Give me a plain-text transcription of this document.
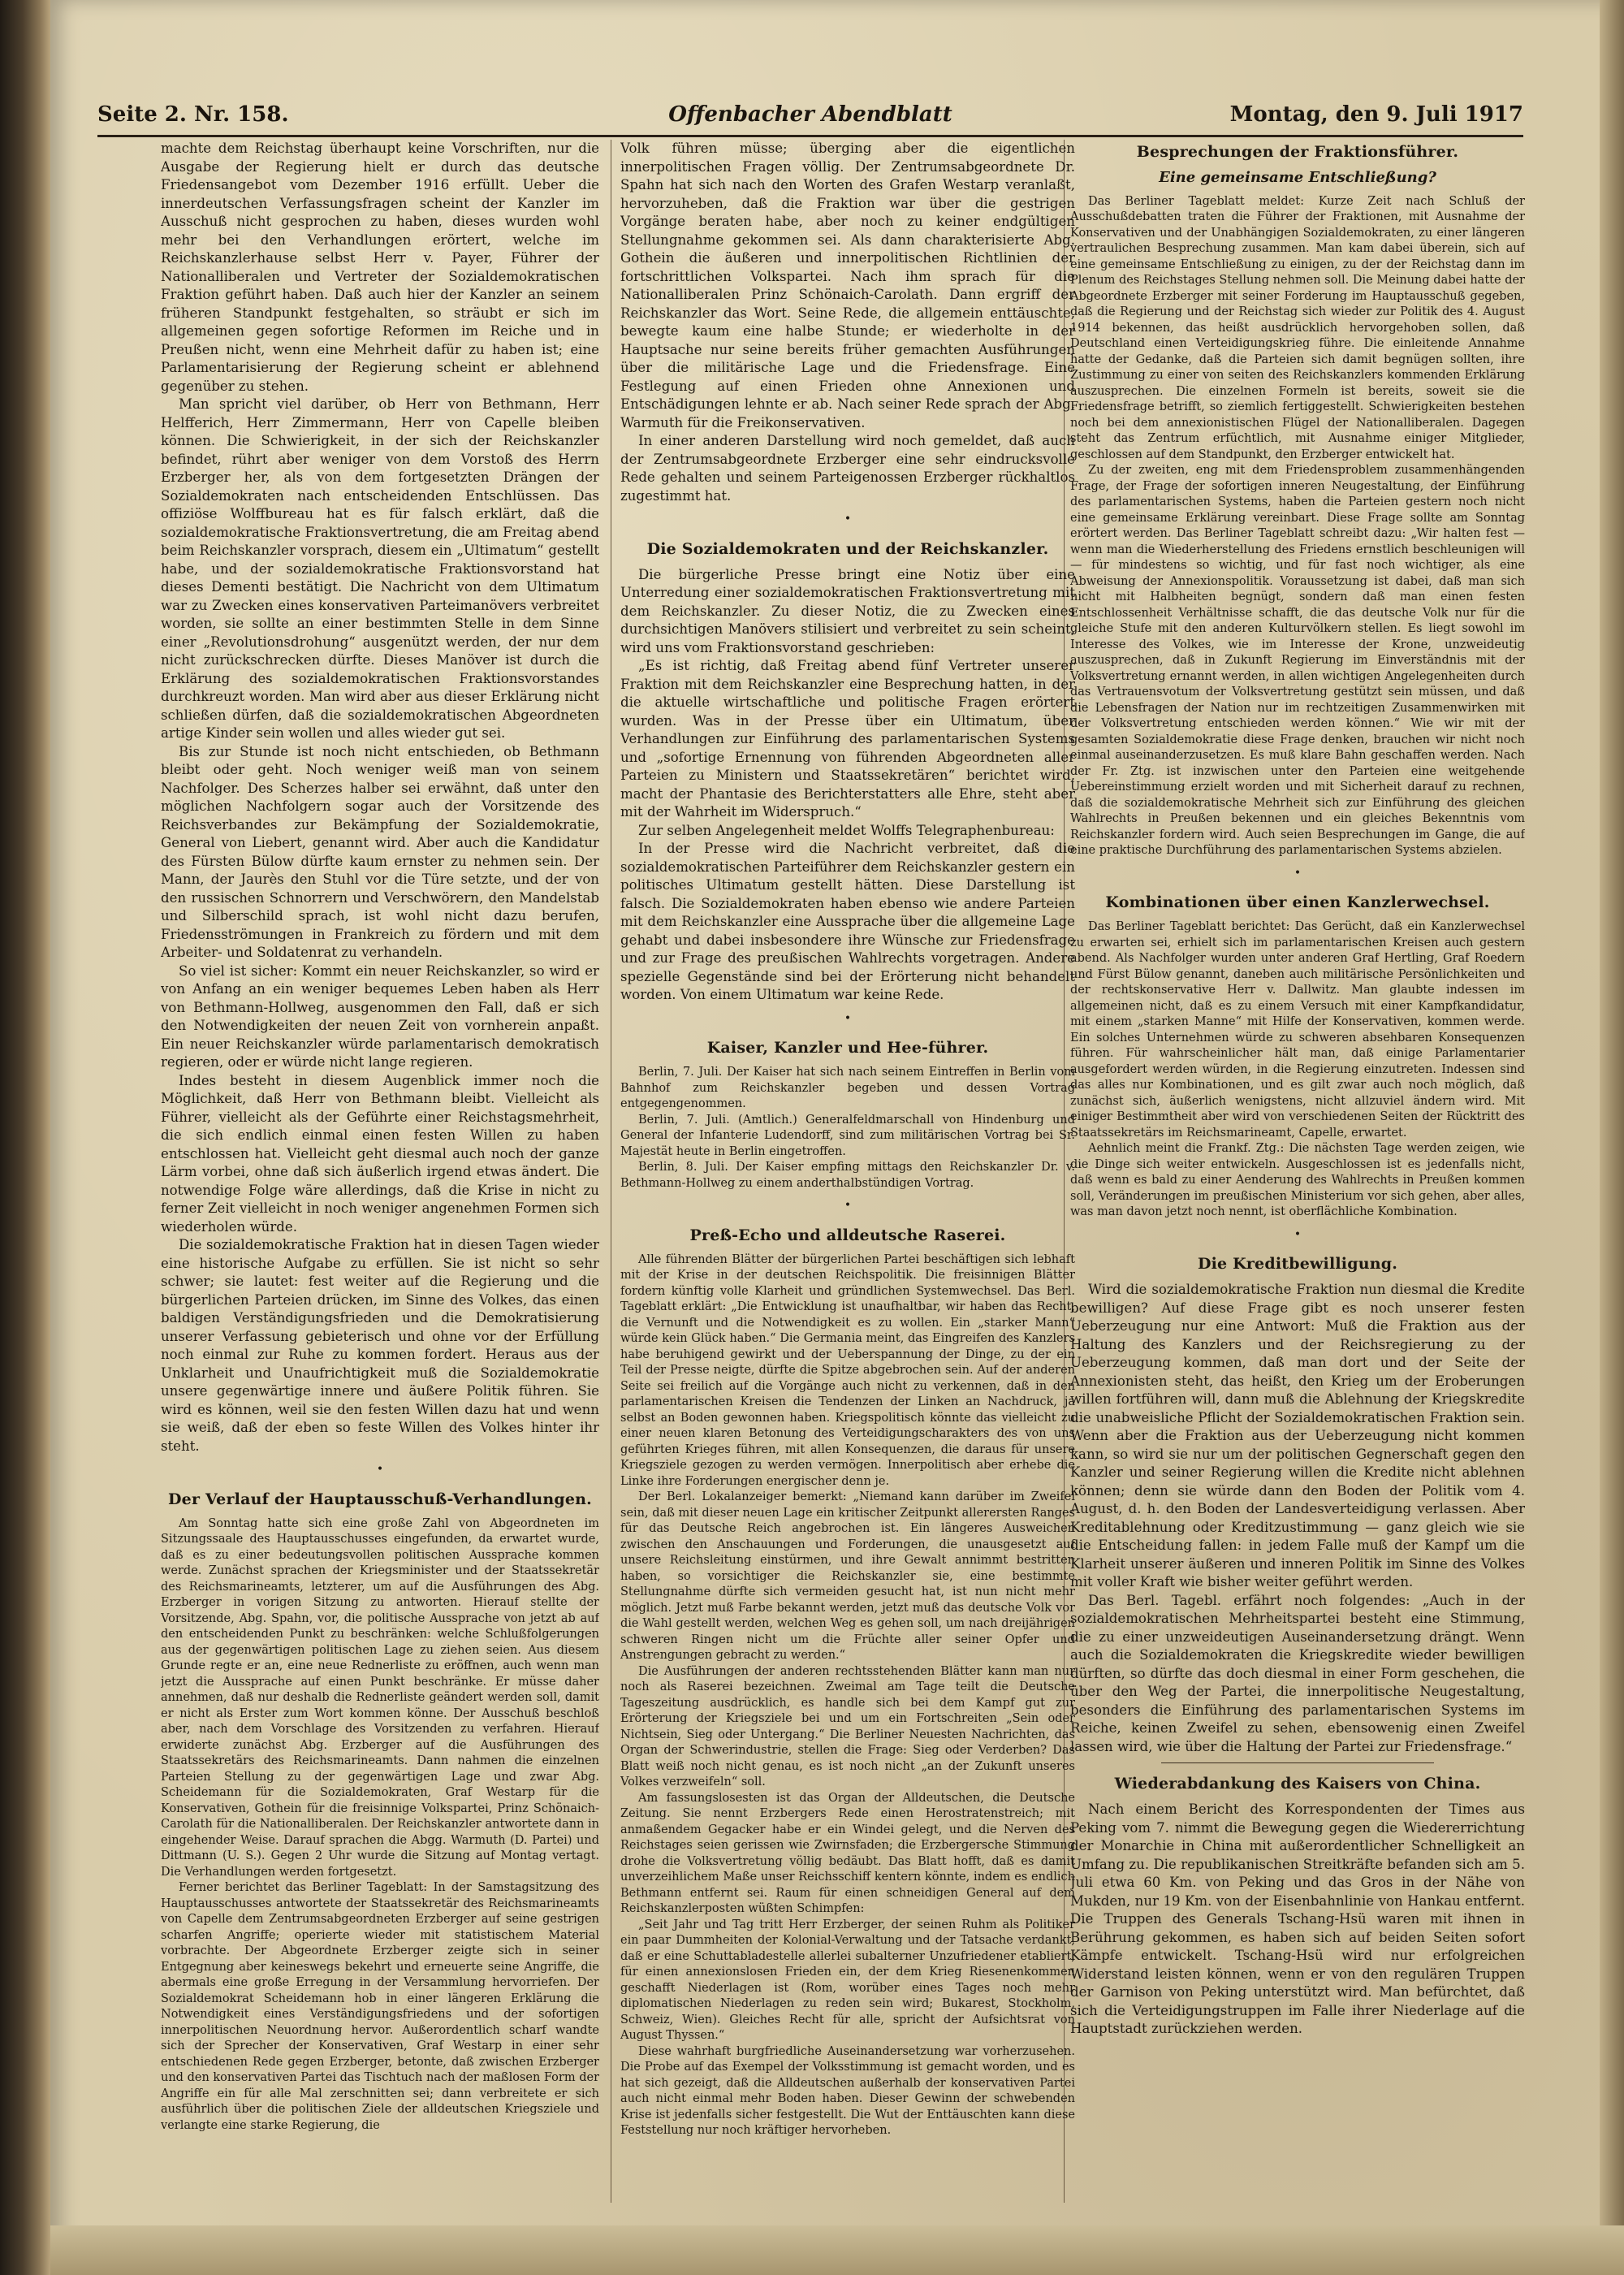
Seite 2. Nr. 158.	Offenbacher Abendblatt	Montag, den 9. Juli 1917

machte dem Reichstag überhaupt keine Vorschriften, nur die Ausgabe der Regierung hielt er durch das deutsche Friedensangebot vom Dezember 1916 erfüllt. Ueber die innerdeutschen Verfassungsfragen scheint der Kanzler im Ausschuß nicht gesprochen zu haben, dieses wurden wohl mehr bei den Verhandlungen erörtert, welche im Reichskanzlerhause selbst Herr v. Payer, Führer der Nationalliberalen und Vertreter der Sozialdemokratischen Fraktion geführt haben. Daß auch hier der Kanzler an seinem früheren Standpunkt festgehalten, so sträubt er sich im allgemeinen gegen sofortige Reformen im Reiche und in Preußen nicht, wenn eine Mehrheit dafür zu haben ist; eine Parlamentarisierung der Regierung scheint er ablehnend gegenüber zu stehen.

Man spricht viel darüber, ob Herr von Bethmann, Herr Helfferich, Herr Zimmermann, Herr von Capelle bleiben können. Die Schwierigkeit, in der sich der Reichskanzler befindet, rührt aber weniger von dem Vorstoß des Herrn Erzberger her, als von dem fortgesetzten Drängen der Sozialdemokraten nach entscheidenden Entschlüssen. Das offiziöse Wolffbureau hat es für falsch erklärt, daß die sozialdemokratische Fraktionsvertretung, die am Freitag abend beim Reichskanzler vorsprach, diesem ein „Ultimatum“ gestellt habe, und der sozialdemokratische Fraktionsvorstand hat dieses Dementi bestätigt. Die Nachricht von dem Ultimatum war zu Zwecken eines konservativen Parteimanövers verbreitet worden, sie sollte an einer bestimmten Stelle in dem Sinne einer „Revolutionsdrohung“ ausgenützt werden, der nur dem nicht zurückschrecken dürfte. Dieses Manöver ist durch die Erklärung des sozialdemokratischen Fraktionsvorstandes durchkreuzt worden. Man wird aber aus dieser Erklärung nicht schließen dürfen, daß die sozialdemokratischen Abgeordneten artige Kinder sein wollen und alles wieder gut sei.

Bis zur Stunde ist noch nicht entschieden, ob Bethmann bleibt oder geht. Noch weniger weiß man von seinem Nachfolger. Des Scherzes halber sei erwähnt, daß unter den möglichen Nachfolgern sogar auch der Vorsitzende des Reichsverbandes zur Bekämpfung der Sozialdemokratie, General von Liebert, genannt wird. Aber auch die Kandidatur des Fürsten Bülow dürfte kaum ernster zu nehmen sein. Der Mann, der Jaurès den Stuhl vor die Türe setzte, und der von den russischen Schnorrern und Verschwörern, den Mandelstab und Silberschild sprach, ist wohl nicht dazu berufen, Friedensströmungen in Frankreich zu fördern und mit dem Arbeiter- und Soldatenrat zu verhandeln.

So viel ist sicher: Kommt ein neuer Reichskanzler, so wird er von Anfang an ein weniger bequemes Leben haben als Herr von Bethmann-Hollweg, ausgenommen den Fall, daß er sich den Notwendigkeiten der neuen Zeit von vornherein anpaßt. Ein neuer Reichskanzler würde parlamentarisch demokratisch regieren, oder er würde nicht lange regieren.

Indes besteht in diesem Augenblick immer noch die Möglichkeit, daß Herr von Bethmann bleibt. Vielleicht als Führer, vielleicht als der Geführte einer Reichstagsmehrheit, die sich endlich einmal einen festen Willen zu haben entschlossen hat. Vielleicht geht diesmal auch noch der ganze Lärm vorbei, ohne daß sich äußerlich irgend etwas ändert. Die notwendige Folge wäre allerdings, daß die Krise in nicht zu ferner Zeit vielleicht in noch weniger angenehmen Formen sich wiederholen würde.

Die sozialdemokratische Fraktion hat in diesen Tagen wieder eine historische Aufgabe zu erfüllen. Sie ist nicht so sehr schwer; sie lautet: fest weiter auf die Regierung und die bürgerlichen Parteien drücken, im Sinne des Volkes, das einen baldigen Verständigungsfrieden und die Demokratisierung unserer Verfassung gebieterisch und ohne vor der Erfüllung noch einmal zur Ruhe zu kommen fordert. Heraus aus der Unklarheit und Unaufrichtigkeit muß die Sozialdemokratie unsere gegenwärtige innere und äußere Politik führen. Sie wird es können, weil sie den festen Willen dazu hat und wenn sie weiß, daß der eben so feste Willen des Volkes hinter ihr steht.

•
Der Verlauf der Hauptausschuß-Verhandlungen.

Am Sonntag hatte sich eine große Zahl von Abgeordneten im Sitzungssaale des Hauptausschusses eingefunden, da erwartet wurde, daß es zu einer bedeutungsvollen politischen Aussprache kommen werde. Zunächst sprachen der Kriegsminister und der Staatssekretär des Reichsmarineamts, letzterer, um auf die Ausführungen des Abg. Erzberger in vorigen Sitzung zu antworten. Hierauf stellte der Vorsitzende, Abg. Spahn, vor, die politische Aussprache von jetzt ab auf den entscheidenden Punkt zu beschränken: welche Schlußfolgerungen aus der gegenwärtigen politischen Lage zu ziehen seien. Aus diesem Grunde regte er an, eine neue Rednerliste zu eröffnen, auch wenn man jetzt die Aussprache auf einen Punkt beschränke. Er müsse daher annehmen, daß nur deshalb die Rednerliste geändert werden soll, damit er nicht als Erster zum Wort kommen könne. Der Ausschuß beschloß aber, nach dem Vorschlage des Vorsitzenden zu verfahren. Hierauf erwiderte zunächst Abg. Erzberger auf die Ausführungen des Staatssekretärs des Reichsmarineamts. Dann nahmen die einzelnen Parteien Stellung zu der gegenwärtigen Lage und zwar Abg. Scheidemann für die Sozialdemokraten, Graf Westarp für die Konservativen, Gothein für die freisinnige Volkspartei, Prinz Schönaich-Carolath für die Nationalliberalen. Der Reichskanzler antwortete dann in eingehender Weise. Darauf sprachen die Abgg. Warmuth (D. Partei) und Dittmann (U. S.). Gegen 2 Uhr wurde die Sitzung auf Montag vertagt. Die Verhandlungen werden fortgesetzt.

Ferner berichtet das Berliner Tageblatt: In der Samstagsitzung des Hauptausschusses antwortete der Staatssekretär des Reichsmarineamts von Capelle dem Zentrumsabgeordneten Erzberger auf seine gestrigen scharfen Angriffe; operierte wieder mit statistischem Material vorbrachte. Der Abgeordnete Erzberger zeigte sich in seiner Entgegnung aber keineswegs bekehrt und erneuerte seine Angriffe, die abermals eine große Erregung in der Versammlung hervorriefen. Der Sozialdemokrat Scheidemann hob in einer längeren Erklärung die Notwendigkeit eines Verständigungsfriedens und der sofortigen innerpolitischen Neuordnung hervor. Außerordentlich scharf wandte sich der Sprecher der Konservativen, Graf Westarp in einer sehr entschiedenen Rede gegen Erzberger, betonte, daß zwischen Erzberger und den konservativen Partei das Tischtuch nach der maßlosen Form der Angriffe ein für alle Mal zerschnitten sei; dann verbreitete er sich ausführlich über die politischen Ziele der alldeutschen Kriegsziele und verlangte eine starke Regierung, die

Volk führen müsse; überging aber die eigentlichen innerpolitischen Fragen völlig. Der Zentrumsabgeordnete Dr. Spahn hat sich nach den Worten des Grafen Westarp veranlaßt, hervorzuheben, daß die Fraktion war über die gestrigen Vorgänge beraten habe, aber noch zu keiner endgültigen Stellungnahme gekommen sei. Als dann charakterisierte Abg. Gothein die äußeren und innerpolitischen Richtlinien der fortschrittlichen Volkspartei. Nach ihm sprach für die Nationalliberalen Prinz Schönaich-Carolath. Dann ergriff der Reichskanzler das Wort. Seine Rede, die allgemein enttäuschte, bewegte kaum eine halbe Stunde; er wiederholte in der Hauptsache nur seine bereits früher gemachten Ausführungen über die militärische Lage und die Friedensfrage. Eine Festlegung auf einen Frieden ohne Annexionen und Entschädigungen lehnte er ab. Nach seiner Rede sprach der Abg. Warmuth für die Freikonservativen.

In einer anderen Darstellung wird noch gemeldet, daß auch der Zentrumsabgeordnete Erzberger eine sehr eindrucksvolle Rede gehalten und seinem Parteigenossen Erzberger rückhaltlos zugestimmt hat.

•
Die Sozialdemokraten und der Reichskanzler.

Die bürgerliche Presse bringt eine Notiz über eine Unterredung einer sozialdemokratischen Fraktionsvertretung mit dem Reichskanzler. Zu dieser Notiz, die zu Zwecken eines durchsichtigen Manövers stilisiert und verbreitet zu sein scheint, wird uns vom Fraktionsvorstand geschrieben:

„Es ist richtig, daß Freitag abend fünf Vertreter unserer Fraktion mit dem Reichskanzler eine Besprechung hatten, in der die aktuelle wirtschaftliche und politische Fragen erörtert wurden. Was in der Presse über ein Ultimatum, über Verhandlungen zur Einführung des parlamentarischen Systems und „sofortige Ernennung von führenden Abgeordneten aller Parteien zu Ministern und Staatssekretären“ berichtet wird, macht der Phantasie des Berichterstatters alle Ehre, steht aber mit der Wahrheit im Widerspruch.“

Zur selben Angelegenheit meldet Wolffs Telegraphenbureau:

In der Presse wird die Nachricht verbreitet, daß die sozialdemokratischen Parteiführer dem Reichskanzler gestern ein politisches Ultimatum gestellt hätten. Diese Darstellung ist falsch. Die Sozialdemokraten haben ebenso wie andere Parteien mit dem Reichskanzler eine Aussprache über die allgemeine Lage gehabt und dabei insbesondere ihre Wünsche zur Friedensfrage und zur Frage des preußischen Wahlrechts vorgetragen. Andere spezielle Gegenstände sind bei der Erörterung nicht behandelt worden. Von einem Ultimatum war keine Rede.

•
Kaiser, Kanzler und Hee-führer.

Berlin, 7. Juli. Der Kaiser hat sich nach seinem Eintreffen in Berlin vom Bahnhof zum Reichskanzler begeben und dessen Vortrag entgegengenommen.

Berlin, 7. Juli. (Amtlich.) Generalfeldmarschall von Hindenburg und General der Infanterie Ludendorff, sind zum militärischen Vortrag bei Sr. Majestät heute in Berlin eingetroffen.

Berlin, 8. Juli. Der Kaiser empfing mittags den Reichskanzler Dr. v. Bethmann-Hollweg zu einem anderthalbstündigen Vortrag.

•
Preß-Echo und alldeutsche Raserei.

Alle führenden Blätter der bürgerlichen Partei beschäftigen sich lebhaft mit der Krise in der deutschen Reichspolitik. Die freisinnigen Blätter fordern künftig volle Klarheit und gründlichen Systemwechsel. Das Berl. Tageblatt erklärt: „Die Entwicklung ist unaufhaltbar, wir haben das Recht, die Vernunft und die Notwendigkeit es zu wollen. Ein „starker Mann“ würde kein Glück haben.“ Die Germania meint, das Eingreifen des Kanzlers habe beruhigend gewirkt und der Ueberspannung der Dinge, zu der ein Teil der Presse neigte, dürfte die Spitze abgebrochen sein. Auf der anderen Seite sei freilich auf die Vorgänge auch nicht zu verkennen, daß in den parlamentarischen Kreisen die Tendenzen der Linken an Nachdruck, ja selbst an Boden gewonnen haben. Kriegspolitisch könnte das vielleicht zu einer neuen klaren Betonung des Verteidigungscharakters des von uns geführten Krieges führen, mit allen Konsequenzen, die daraus für unsere Kriegsziele gezogen zu werden vermögen. Innerpolitisch aber erhebe die Linke ihre Forderungen energischer denn je.

Der Berl. Lokalanzeiger bemerkt: „Niemand kann darüber im Zweifel sein, daß mit dieser neuen Lage ein kritischer Zeitpunkt allerersten Ranges für das Deutsche Reich angebrochen ist. Ein längeres Ausweichen zwischen den Anschauungen und Forderungen, die unausgesetzt auf unsere Reichsleitung einstürmen, und ihre Gewalt annimmt bestritten haben, so vorsichtiger die Reichskanzler sie, eine bestimmte Stellungnahme dürfte sich vermeiden gesucht hat, ist nun nicht mehr möglich. Jetzt muß Farbe bekannt werden, jetzt muß das deutsche Volk vor die Wahl gestellt werden, welchen Weg es gehen soll, um nach dreijährigen schweren Ringen nicht um die Früchte aller seiner Opfer und Anstrengungen gebracht zu werden.“

Die Ausführungen der anderen rechtsstehenden Blätter kann man nur noch als Raserei bezeichnen. Zweimal am Tage teilt die Deutsche Tageszeitung ausdrücklich, es handle sich bei dem Kampf gut zur Erörterung der Kriegsziele bei und um ein Fortschreiten „Sein oder Nichtsein, Sieg oder Untergang.“ Die Berliner Neuesten Nachrichten, das Organ der Schwerindustrie, stellen die Frage: Sieg oder Verderben? Das Blatt weiß noch nicht genau, es ist noch nicht „an der Zukunft unseres Volkes verzweifeln“ soll.

Am fassungslosesten ist das Organ der Alldeutschen, die Deutsche Zeitung. Sie nennt Erzbergers Rede einen Herostratenstreich; mit anmaßendem Gegacker habe er ein Windei gelegt, und die Nerven des Reichstages seien gerissen wie Zwirnsfaden; die Erzbergersche Stimmung drohe die Volksvertretung völlig bedäubt. Das Blatt hofft, daß es damit unverzeihlichem Maße unser Reichsschiff kentern könnte, indem es endlich Bethmann entfernt sei. Raum für einen schneidigen General auf dem Reichskanzlerposten wüßten Schimpfen:

„Seit Jahr und Tag tritt Herr Erzberger, der seinen Ruhm als Politiker ein paar Dummheiten der Kolonial-Verwaltung und der Tatsache verdankt, daß er eine Schuttabladestelle allerlei subalterner Unzufriedener etabliert, für einen annexionslosen Frieden ein, der dem Krieg Riesenenkommen geschafft Niederlagen ist (Rom, worüber eines Tages noch mehr diplomatischen Niederlagen zu reden sein wird; Bukarest, Stockholm, Schweiz, Wien). Gleiches Recht für alle, spricht der Aufsichtsrat von August Thyssen.“

Diese wahrhaft burgfriedliche Auseinandersetzung war vorherzusehen. Die Probe auf das Exempel der Volksstimmung ist gemacht worden, und es hat sich gezeigt, daß die Alldeutschen außerhalb der konservativen Partei auch nicht einmal mehr Boden haben. Dieser Gewinn der schwebenden Krise ist jedenfalls sicher festgestellt. Die Wut der Enttäuschten kann diese Feststellung nur noch kräftiger hervorheben.

Besprechungen der Fraktionsführer.
Eine gemeinsame Entschließung?

Das Berliner Tageblatt meldet: Kurze Zeit nach Schluß der Ausschußdebatten traten die Führer der Fraktionen, mit Ausnahme der Konservativen und der Unabhängigen Sozialdemokraten, zu einer längeren vertraulichen Besprechung zusammen. Man kam dabei überein, sich auf eine gemeinsame Entschließung zu einigen, zu der der Reichstag dann im Plenum des Reichstages Stellung nehmen soll. Die Meinung dabei hatte der Abgeordnete Erzberger mit seiner Forderung im Hauptausschuß gegeben, daß die Regierung und der Reichstag sich wieder zur Politik des 4. August 1914 bekennen, das heißt ausdrücklich hervorgehoben sollen, daß Deutschland einen Verteidigungskrieg führe. Die einleitende Annahme hatte der Gedanke, daß die Parteien sich damit begnügen sollten, ihre Zustimmung zu einer von seiten des Reichskanzlers kommenden Erklärung auszusprechen. Die einzelnen Formeln ist bereits, soweit sie die Friedensfrage betrifft, so ziemlich fertiggestellt. Schwierigkeiten bestehen noch bei dem annexionistischen Flügel der Nationalliberalen. Dagegen steht das Zentrum erfüchtlich, mit Ausnahme einiger Mitglieder, geschlossen auf dem Standpunkt, den Erzberger entwickelt hat.

Zu der zweiten, eng mit dem Friedensproblem zusammenhängenden Frage, der Frage der sofortigen inneren Neugestaltung, der Einführung des parlamentarischen Systems, haben die Parteien gestern noch nicht eine gemeinsame Erklärung vereinbart. Diese Frage sollte am Sonntag erörtert werden. Das Berliner Tageblatt schreibt dazu: „Wir halten fest — wenn man die Wiederherstellung des Friedens ernstlich beschleunigen will — für mindestens so wichtig, und für fast noch wichtiger, als eine Abweisung der Annexionspolitik. Voraussetzung ist dabei, daß man sich nicht mit Halbheiten begnügt, sondern daß man einen festen Entschlossenheit Verhältnisse schafft, die das deutsche Volk nur für die gleiche Stufe mit den anderen Kulturvölkern stellen. Es liegt sowohl im Interesse des Volkes, wie im Interesse der Krone, unzweideutig auszusprechen, daß in Zukunft Regierung im Einverständnis mit der Volksvertretung ernannt werden, in allen wichtigen Angelegenheiten durch das Vertrauensvotum der Volksvertretung gestützt sein müssen, und daß die Lebensfragen der Nation nur im rechtzeitigen Zusammenwirken mit der Volksvertretung entschieden werden können.“ Wie wir mit der gesamten Sozialdemokratie diese Frage denken, brauchen wir nicht noch einmal auseinanderzusetzen. Es muß klare Bahn geschaffen werden. Nach der Fr. Ztg. ist inzwischen unter den Parteien eine weitgehende Uebereinstimmung erzielt worden und mit Sicherheit darauf zu rechnen, daß die sozialdemokratische Mehrheit sich zur Einführung des gleichen Wahlrechts in Preußen bekennen und ein gleiches Bekenntnis vom Reichskanzler fordern wird. Auch seien Besprechungen im Gange, die auf eine praktische Durchführung des parlamentarischen Systems abzielen.

•
Kombinationen über einen Kanzlerwechsel.

Das Berliner Tageblatt berichtet: Das Gerücht, daß ein Kanzlerwechsel zu erwarten sei, erhielt sich im parlamentarischen Kreisen auch gestern abend. Als Nachfolger wurden unter anderen Graf Hertling, Graf Roedern und Fürst Bülow genannt, daneben auch militärische Persönlichkeiten und der rechtskonservative Herr v. Dallwitz. Man glaubte indessen im allgemeinen nicht, daß es zu einem Versuch mit einer Kampfkandidatur, mit einem „starken Manne“ mit Hilfe der Konservativen, kommen werde. Ein solches Unternehmen würde zu schweren absehbaren Konsequenzen führen. Für wahrscheinlicher hält man, daß einige Parlamentarier ausgefordert werden würden, in die Regierung einzutreten. Indessen sind das alles nur Kombinationen, und es gilt zwar auch noch möglich, daß zunächst sich, äußerlich wenigstens, nicht allzuviel ändern wird. Mit einiger Bestimmtheit aber wird von verschiedenen Seiten der Rücktritt des Staatssekretärs im Reichsmarineamt, Capelle, erwartet.

Aehnlich meint die Frankf. Ztg.: Die nächsten Tage werden zeigen, wie die Dinge sich weiter entwickeln. Ausgeschlossen ist es jedenfalls nicht, daß wenn es bald zu einer Aenderung des Wahlrechts in Preußen kommen soll, Veränderungen im preußischen Ministerium vor sich gehen, aber alles, was man davon jetzt noch nennt, ist oberflächliche Kombination.

•
Die Kreditbewilligung.

Wird die sozialdemokratische Fraktion nun diesmal die Kredite bewilligen? Auf diese Frage gibt es noch unserer festen Ueberzeugung nur eine Antwort: Muß die Fraktion aus der Haltung des Kanzlers und der Reichsregierung zu der Ueberzeugung kommen, daß man dort und der Seite der Annexionisten steht, das heißt, den Krieg um der Eroberungen willen fortführen will, dann muß die Ablehnung der Kriegskredite die unabweisliche Pflicht der Sozialdemokratischen Fraktion sein. Wenn aber die Fraktion aus der Ueberzeugung nicht kommen kann, so wird sie nur um der politischen Gegnerschaft gegen den Kanzler und seiner Regierung willen die Kredite nicht ablehnen können; denn sie würde dann den Boden der Politik vom 4. August, d. h. den Boden der Landesverteidigung verlassen. Aber Kreditablehnung oder Kreditzustimmung — ganz gleich wie sie die Entscheidung fallen: in jedem Falle muß der Kampf um die Klarheit unserer äußeren und inneren Politik im Sinne des Volkes mit voller Kraft wie bisher weiter geführt werden.

Das Berl. Tagebl. erfährt noch folgendes: „Auch in der sozialdemokratischen Mehrheitspartei besteht eine Stimmung, die zu einer unzweideutigen Auseinandersetzung drängt. Wenn auch die Sozialdemokraten die Kriegskredite wieder bewilligen dürften, so dürfte das doch diesmal in einer Form geschehen, die über den Weg der Partei, die innerpolitische Neugestaltung, besonders die Einführung des parlamentarischen Systems im Reiche, keinen Zweifel zu sehen, ebensowenig einen Zweifel lassen wird, wie über die Haltung der Partei zur Friedensfrage.“

Wiederabdankung des Kaisers von China.

Nach einem Bericht des Korrespondenten der Times aus Peking vom 7. nimmt die Bewegung gegen die Wiedererrichtung der Monarchie in China mit außerordentlicher Schnelligkeit an Umfang zu. Die republikanischen Streitkräfte befanden sich am 5. Juli etwa 60 Km. von Peking und das Gros in der Nähe von Mukden, nur 19 Km. von der Eisenbahnlinie von Hankau entfernt. Die Truppen des Generals Tschang-Hsü waren mit ihnen in Berührung gekommen, es haben sich auf beiden Seiten sofort Kämpfe entwickelt. Tschang-Hsü wird nur erfolgreichen Widerstand leisten können, wenn er von den regulären Truppen der Garnison von Peking unterstützt wird. Man befürchtet, daß sich die Verteidigungstruppen im Falle ihrer Niederlage auf die Hauptstadt zurückziehen werden.
